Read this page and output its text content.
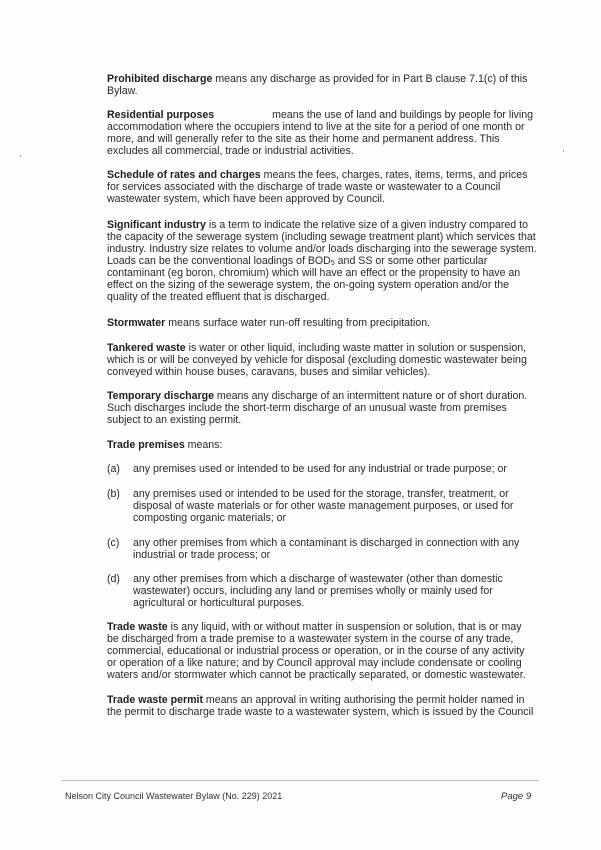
Prohibited discharge means any discharge as provided for in Part B clause 7.1(c) of this
Bylaw.
Residential purposes	means the use of land and buildings by people for living
accommodation where the occupiers intend to live at the site for a period of one month or
more, and will generally refer to the site as their home and permanent address. This
excludes all commercial, trade or industrial activities.
Schedule of rates and charges means the fees, charges, rates, items, terms, and prices
for services associated with the discharge of trade waste or wastewater to a Council
wastewater system, which have been approved by Council.
Significant industry is a term to indicate the relative size of a given industry compared to
the capacity of the sewerage system (including sewage treatment plant) which services that
industry. Industry size relates to volume and/or loads discharging into the sewerage system.
Loads can be the conventional loadings of $BOD_5$ and SS or some other particular
contaminant (eg boron, chromium) which will have an effect or the propensity to have an
effect on the sizing of the sewerage system, the on-going system operation and/or the
quality of the treated effluent that is discharged.
Stormwater means surface water run-off resulting from precipitation.
Tankered waste is water or other liquid, including waste matter in solution or suspension,
which is or will be conveyed by vehicle for disposal (excluding domestic wastewater being
conveyed within house buses, caravans, buses and similar vehicles).
Temporary discharge means any discharge of an intermittent nature or of short duration.
Such discharges include the short-term discharge of an unusual waste from premises
subject to an existing permit.
Trade premises means:
(a) any premises used or intended to be used for any industrial or trade purpose; or
(b) any premises used or intended to be used for the storage, transfer, treatment, or
disposal of waste materials or for other waste management purposes, or used for
composting organic materials; or
(c) any other premises from which a contaminant is discharged in connection with any
industrial or trade process; or
(d) any other premises from which a discharge of wastewater (other than domestic
wastewater) occurs, including any land or premises wholly or mainly used for
agricultural or horticultural purposes.
Trade waste is any liquid, with or without matter in suspension or solution, that is or may
be discharged from a trade premise to a wastewater system in the course of any trade,
commercial, educational or industrial process or operation, or in the course of any activity
or operation of a like nature; and by Council approval may include condensate or cooling
waters and/or stormwater which cannot be practically separated, or domestic wastewater.
Trade waste permit means an approval in writing authorising the permit holder named in
the permit to discharge trade waste to a wastewater system, which is issued by the Council
Nelson City Council Wastewater Bylaw (No. 229) 2021	Page 9
